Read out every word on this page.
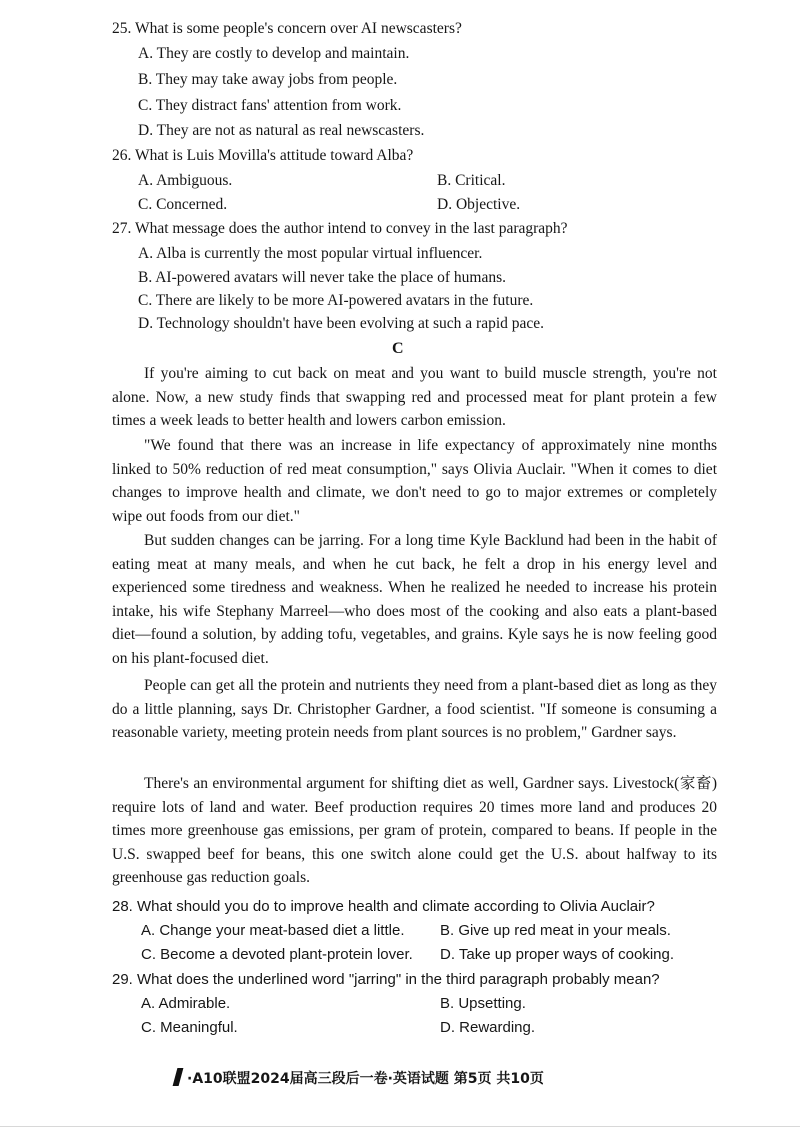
25. What is some people's concern over AI newscasters?
A. They are costly to develop and maintain.
B. They may take away jobs from people.
C. They distract fans' attention from work.
D. They are not as natural as real newscasters.
26. What is Luis Movilla's attitude toward Alba?
A. Ambiguous.	B. Critical.
C. Concerned.	D. Objective.
27. What message does the author intend to convey in the last paragraph?
A. Alba is currently the most popular virtual influencer.
B. AI-powered avatars will never take the place of humans.
C. There are likely to be more AI-powered avatars in the future.
D. Technology shouldn't have been evolving at such a rapid pace.
C
If you're aiming to cut back on meat and you want to build muscle strength, you're not alone. Now, a new study finds that swapping red and processed meat for plant protein a few times a week leads to better health and lowers carbon emission.
"We found that there was an increase in life expectancy of approximately nine months linked to 50% reduction of red meat consumption," says Olivia Auclair. "When it comes to diet changes to improve health and climate, we don't need to go to major extremes or completely wipe out foods from our diet."
But sudden changes can be jarring. For a long time Kyle Backlund had been in the habit of eating meat at many meals, and when he cut back, he felt a drop in his energy level and experienced some tiredness and weakness. When he realized he needed to increase his protein intake, his wife Stephany Marreel—who does most of the cooking and also eats a plant-based diet—found a solution, by adding tofu, vegetables, and grains. Kyle says he is now feeling good on his plant-focused diet.
People can get all the protein and nutrients they need from a plant-based diet as long as they do a little planning, says Dr. Christopher Gardner, a food scientist. "If someone is consuming a reasonable variety, meeting protein needs from plant sources is no problem," Gardner says.
There's an environmental argument for shifting diet as well, Gardner says. Livestock(家畜) require lots of land and water. Beef production requires 20 times more land and produces 20 times more greenhouse gas emissions, per gram of protein, compared to beans. If people in the U.S. swapped beef for beans, this one switch alone could get the U.S. about halfway to its greenhouse gas reduction goals.
28. What should you do to improve health and climate according to Olivia Auclair?
A. Change your meat-based diet a little. B. Give up red meat in your meals.
C. Become a devoted plant-protein lover. D. Take up proper ways of cooking.
29. What does the underlined word "jarring" in the third paragraph probably mean?
A. Admirable.	B. Upsetting.
C. Meaningful.	D. Rewarding.
·A10联盟2024届高三段后一卷·英语试题 第5页 共10页
